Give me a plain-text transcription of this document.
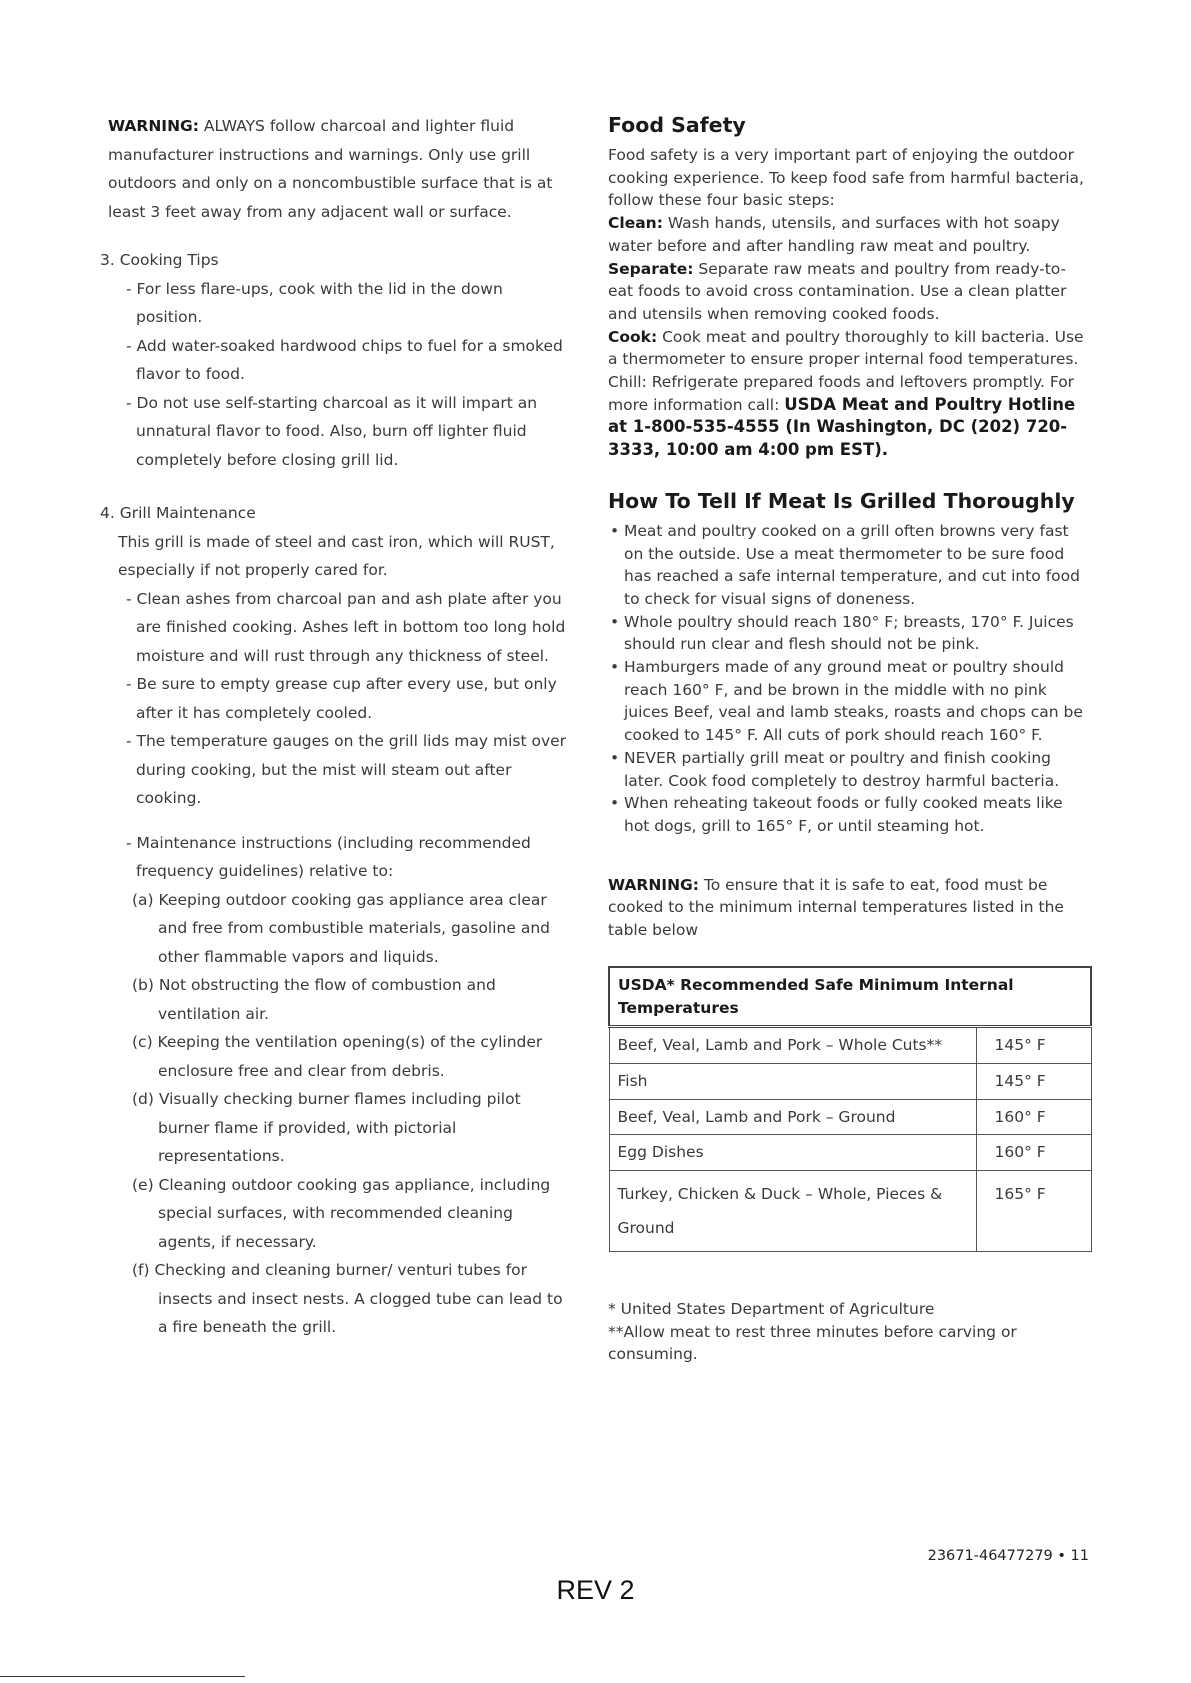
WARNING: ALWAYS follow charcoal and lighter fluid manufacturer instructions and warnings. Only use grill outdoors and only on a noncombustible surface that is at least 3 feet away from any adjacent wall or surface.

3. Cooking Tips

- For less flare-ups, cook with the lid in the down position.

- Add water-soaked hardwood chips to fuel for a smoked flavor to food.

- Do not use self-starting charcoal as it will impart an unnatural flavor to food. Also, burn off lighter fluid completely before closing grill lid.

4. Grill Maintenance

This grill is made of steel and cast iron, which will RUST, especially if not properly cared for.

- Clean ashes from charcoal pan and ash plate after you are finished cooking. Ashes left in bottom too long hold moisture and will rust through any thickness of steel.

- Be sure to empty grease cup after every use, but only after it has completely cooled.

- The temperature gauges on the grill lids may mist over during cooking, but the mist will steam out after cooking.

- Maintenance instructions (including recommended frequency guidelines) relative to:

(a) Keeping outdoor cooking gas appliance area clear and free from combustible materials, gasoline and other flammable vapors and liquids.

(b) Not obstructing the flow of combustion and ventilation air.

(c) Keeping the ventilation opening(s) of the cylinder enclosure free and clear from debris.

(d) Visually checking burner flames including pilot burner flame if provided, with pictorial representations.

(e) Cleaning outdoor cooking gas appliance, including special surfaces, with recommended cleaning agents, if necessary.

(f) Checking and cleaning burner/ venturi tubes for insects and insect nests. A clogged tube can lead to a fire beneath the grill.

Food Safety

Food safety is a very important part of enjoying the outdoor cooking experience. To keep food safe from harmful bacteria, follow these four basic steps:

Clean: Wash hands, utensils, and surfaces with hot soapy water before and after handling raw meat and poultry.

Separate: Separate raw meats and poultry from ready-to-eat foods to avoid cross contamination. Use a clean platter and utensils when removing cooked foods.

Cook: Cook meat and poultry thoroughly to kill bacteria. Use a thermometer to ensure proper internal food temperatures.

Chill: Refrigerate prepared foods and leftovers promptly. For more information call: USDA Meat and Poultry Hotline at 1-800-535-4555 (In Washington, DC (202) 720-3333, 10:00 am 4:00 pm EST).

How To Tell If Meat Is Grilled Thoroughly
• Meat and poultry cooked on a grill often browns very fast on the outside. Use a meat thermometer to be sure food has reached a safe internal temperature, and cut into food to check for visual signs of doneness.
• Whole poultry should reach 180° F; breasts, 170° F. Juices should run clear and flesh should not be pink.
• Hamburgers made of any ground meat or poultry should reach 160° F, and be brown in the middle with no pink juices Beef, veal and lamb steaks, roasts and chops can be cooked to 145° F. All cuts of pork should reach 160° F.
• NEVER partially grill meat or poultry and finish cooking later. Cook food completely to destroy harmful bacteria.
• When reheating takeout foods or fully cooked meats like hot dogs, grill to 165° F, or until steaming hot.

WARNING: To ensure that it is safe to eat, food must be cooked to the minimum internal temperatures listed in the table below

USDA* Recommended Safe Minimum Internal Temperatures	
Beef, Veal, Lamb and Pork – Whole Cuts**	145° F
Fish	145° F
Beef, Veal, Lamb and Pork – Ground	160° F
Egg Dishes	160° F
Turkey, Chicken & Duck – Whole, Pieces & Ground	165° F

* United States Department of Agriculture

**Allow meat to rest three minutes before carving or consuming.

23671-46477279 • 11
REV 2
